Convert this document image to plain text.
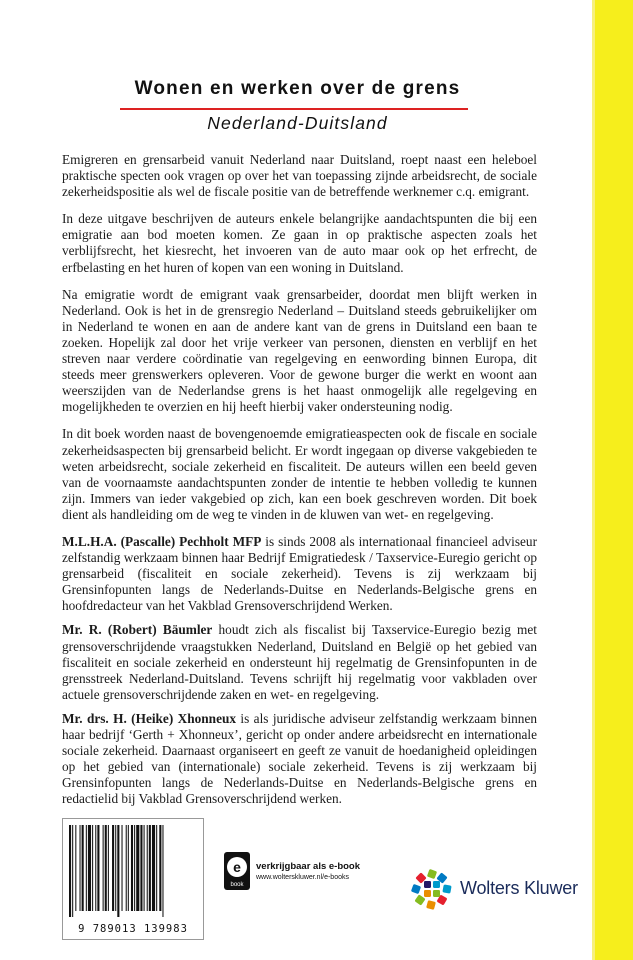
Wonen en werken over de grens
Nederland-Duitsland

Emigreren en grensarbeid vanuit Nederland naar Duitsland, roept naast een heleboel praktische specten ook vragen op over het van toepassing zijnde arbeidsrecht, de sociale zekerheidspositie als wel de fiscale positie van de betreffende werknemer c.q. emigrant.

In deze uitgave beschrijven de auteurs enkele belangrijke aandachtspunten die bij een emigratie aan bod moeten komen. Ze gaan in op praktische aspecten zoals het verblijfsrecht, het kiesrecht, het invoeren van de auto maar ook op het erfrecht, de erfbelasting en het huren of kopen van een woning in Duitsland.

Na emigratie wordt de emigrant vaak grensarbeider, doordat men blijft werken in Nederland. Ook is het in de grensregio Nederland – Duitsland steeds gebruikelijker om in Nederland te wonen en aan de andere kant van de grens in Duitsland een baan te zoeken. Hopelijk zal door het vrije verkeer van personen, diensten en verblijf en het streven naar verdere coördinatie van regelgeving en eenwording binnen Europa, dit steeds meer grenswerkers opleveren. Voor de gewone burger die werkt en woont aan weerszijden van de Nederlandse grens is het haast onmogelijk alle regelgeving en mogelijkheden te overzien en hij heeft hierbij vaker ondersteuning nodig.

In dit boek worden naast de bovengenoemde emigratieaspecten ook de fiscale en sociale zekerheidsaspecten bij grensarbeid belicht. Er wordt ingegaan op diverse vakgebieden te weten arbeidsrecht, sociale zekerheid en fiscaliteit. De auteurs willen een beeld geven van de voornaamste aandachtspunten zonder de intentie te hebben volledig te kunnen zijn. Immers van ieder vakgebied op zich, kan een boek geschreven worden. Dit boek dient als handleiding om de weg te vinden in de kluwen van wet- en regelgeving.

M.L.H.A. (Pascalle) Pechholt MFP is sinds 2008 als internationaal financieel adviseur zelfstandig werkzaam binnen haar Bedrijf Emigratiedesk / Taxservice-Euregio gericht op grensarbeid (fiscaliteit en sociale zekerheid). Tevens is zij werkzaam bij Grensinfopunten langs de Nederlands-Duitse en Nederlands-Belgische grens en hoofdredacteur van het Vakblad Grensoverschrijdend Werken.

Mr. R. (Robert) Bäumler houdt zich als fiscalist bij Taxservice-Euregio bezig met grensoverschrijdende vraagstukken Nederland, Duitsland en België op het gebied van fiscaliteit en sociale zekerheid en ondersteunt hij regelmatig de Grensinfopunten in de grensstreek Nederland-Duitsland. Tevens schrijft hij regelmatig voor vakbladen over actuele grensoverschrijdende zaken en wet- en regelgeving.

Mr. drs. H. (Heike) Xhonneux is als juridische adviseur zelfstandig werkzaam binnen haar bedrijf ‘Gerth + Xhonneux’, gericht op onder andere arbeidsrecht en internationale sociale zekerheid. Daarnaast organiseert en geeft ze vanuit de hoedanigheid opleidingen op het gebied van (internationale) sociale zekerheid. Tevens is zij werkzaam bij Grensinfopunten langs de Nederlands-Duitse en Nederlands-Belgische grens en redactielid bij Vakblad Grensoverschrijdend werken.

9 789013 139983
e
book
verkrijgbaar als e-book
www.wolterskluwer.nl/e-books
Wolters Kluwer
